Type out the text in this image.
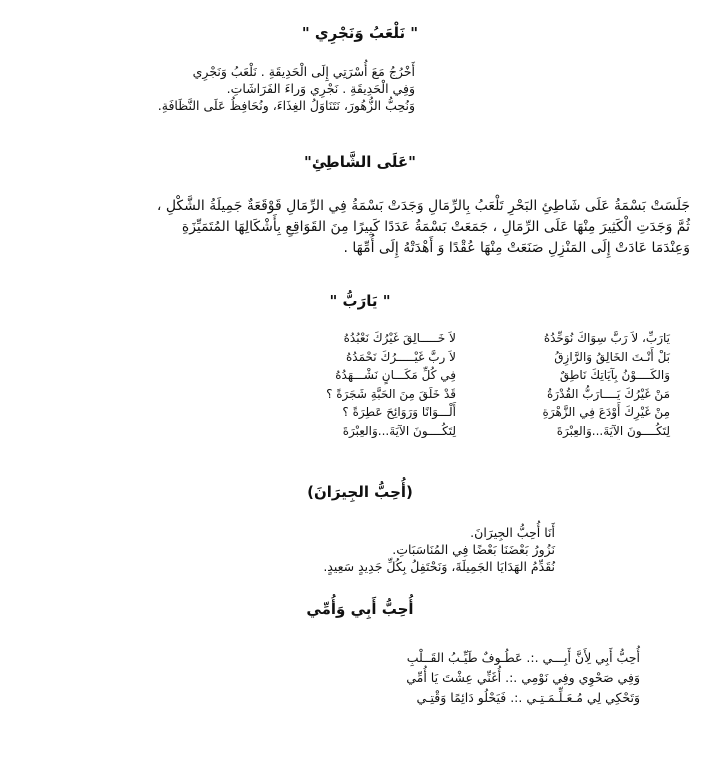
" نَلْعَبُ وَنَجْرِي "
أَخْرُجُ مَعَ أُسْرَتِي إِلَى الْحَدِيقَةِ . نَلْعَبُ وَنَجْرِي
وَفِي الْحَدِيقَةِ . نَجْرِي وَراءَ الفَرَاشَاتِ.
وَنُحِبُّ الزُّهُورَ، نَتَنَاوَلُ الغِذَاءَ، ونُحَافِظُ عَلَى النَّظَافَةِ.
"عَلَى الشَّاطِئِ"
جَلَسَتْ بَسْمَةُ عَلَى شَاطِئِ البَحْرِ تَلْعَبُ بِالرِّمَالِ وَجَدَتْ بَسْمَةُ فِي الرِّمَالِ قَوْقَعَةٌ جَمِيلَةُ الشَّكْلِ ،
ثُمَّ وَجَدَتِ الْكَثِيرَ مِنْهَا عَلَى الرِّمَالِ ، جَمَعَتْ بَسْمَةُ عَدَدًا كَبِيرًا مِنَ القَوَاقِعِ بِأَشْكَالِهَا المُتَمَيِّزَةِ
وَعِنْدَمَا عَادَتْ إِلَى المَنْزِلِ صَنَعَتْ مِنْهَا عُقْدًا وَ أَهْدَتْهُ إِلَى أُمِّهَا .
" يَارَبُّ "
يَارَبِّ، لاَ رَبَّ سِوَاكَ نُوَحِّدُهُ
بَلْ أَنْـتَ الخَالِقُ وَالرَّازِقُ
وَالكَــــوْنُ بِآيَاتِكَ نَاطِقٌ
مَنْ غَيْرُكَ يَــــارَبُّ القُدْرَةُ
مِنْ غَيْرِكَ أَوْدَعَ فِي الزَّهْرَةِ
لِتَكُــــونَ الآيَةَ...وَالعِبْرَةَ
لاَ خَـــــالِقَ غَيْرُكَ نَعْبُدُهُ
لاَ ربَّ غَيْـــــرُكَ نَحْمَدُهُ
فِي كُلِّ مَكَـــانٍ نَشْـــهَدُهُ
قَدْ خَلَقَ مِنَ الحَبَّةِ شَجَرَةً ؟
أَلْـــوَانًا وَرَوَائِحَ عَطِرَةً ؟
لِتَكُــــونَ الآيَةَ...وَالعِبْرَةَ
(أُحِبُّ الجِيرَانَ)
أَنَا أُحِبُّ الجِيرَانَ.
نَزُورُ بَعْضَنَا بَعْضًا فِي المُنَاسَبَاتِ.
نُقَدِّمُ الهَدَايَا الجَمِيلَةَ، وَنَحْتَفِلُ بِكُلِّ جَدِيدٍ سَعِيدٍ.
أُحِبُّ أَبِي وَأُمِّي
أُحِبُّ أَبِي لِأَنَّ أَبِـــي .:. عَطُـوفٌ طَيِّـبُ القَــلْبِ
وَفِي صَحْوِي وفِي نَوْمِي .:. أُغَنِّي عِشْتَ يَا أُمِّي
وَتَحْكِي لِي مُـعَـلِّـمَـتِـي .:. فَيَحْلُو دَائِمًا وَقْتِـي
